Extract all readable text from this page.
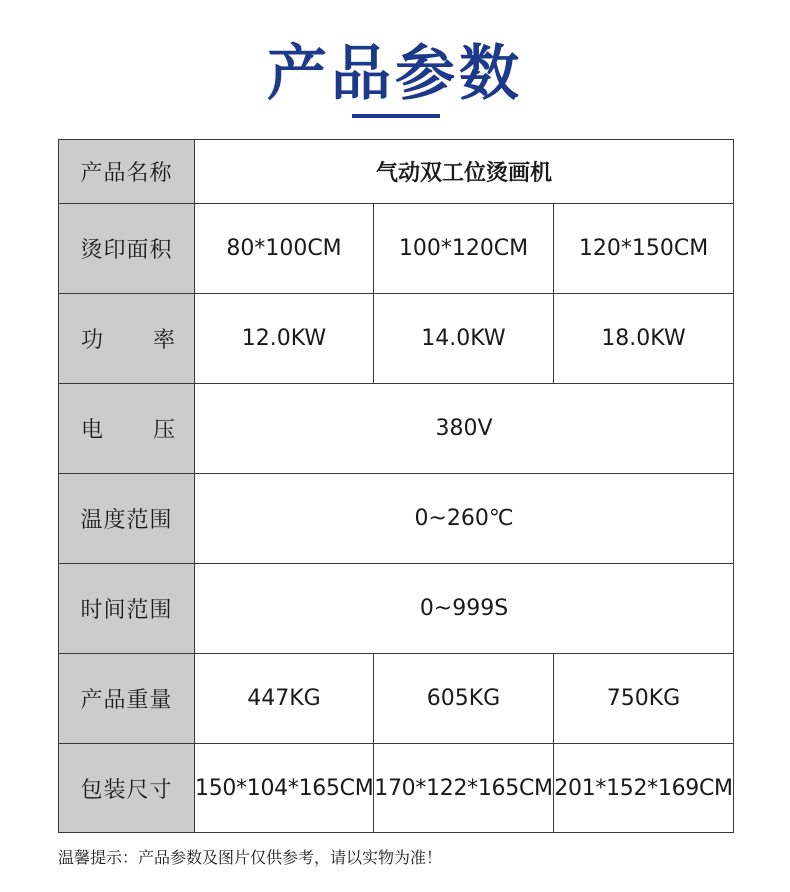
产品参数
产品名称	气动双工位烫画机		
烫印面积	80*100CM	100*120CM	120*150CM

功 率	12.0KW	14.0KW	18.0KW

电 压	380V		
温度范围	0~260℃		
时间范围	0~999S		
产品重量	447KG	605KG	750KG
包装尺寸	150*104*165CM	170*122*165CM	201*152*169CM
温馨提示：产品参数及图片仅供参考，请以实物为准！
